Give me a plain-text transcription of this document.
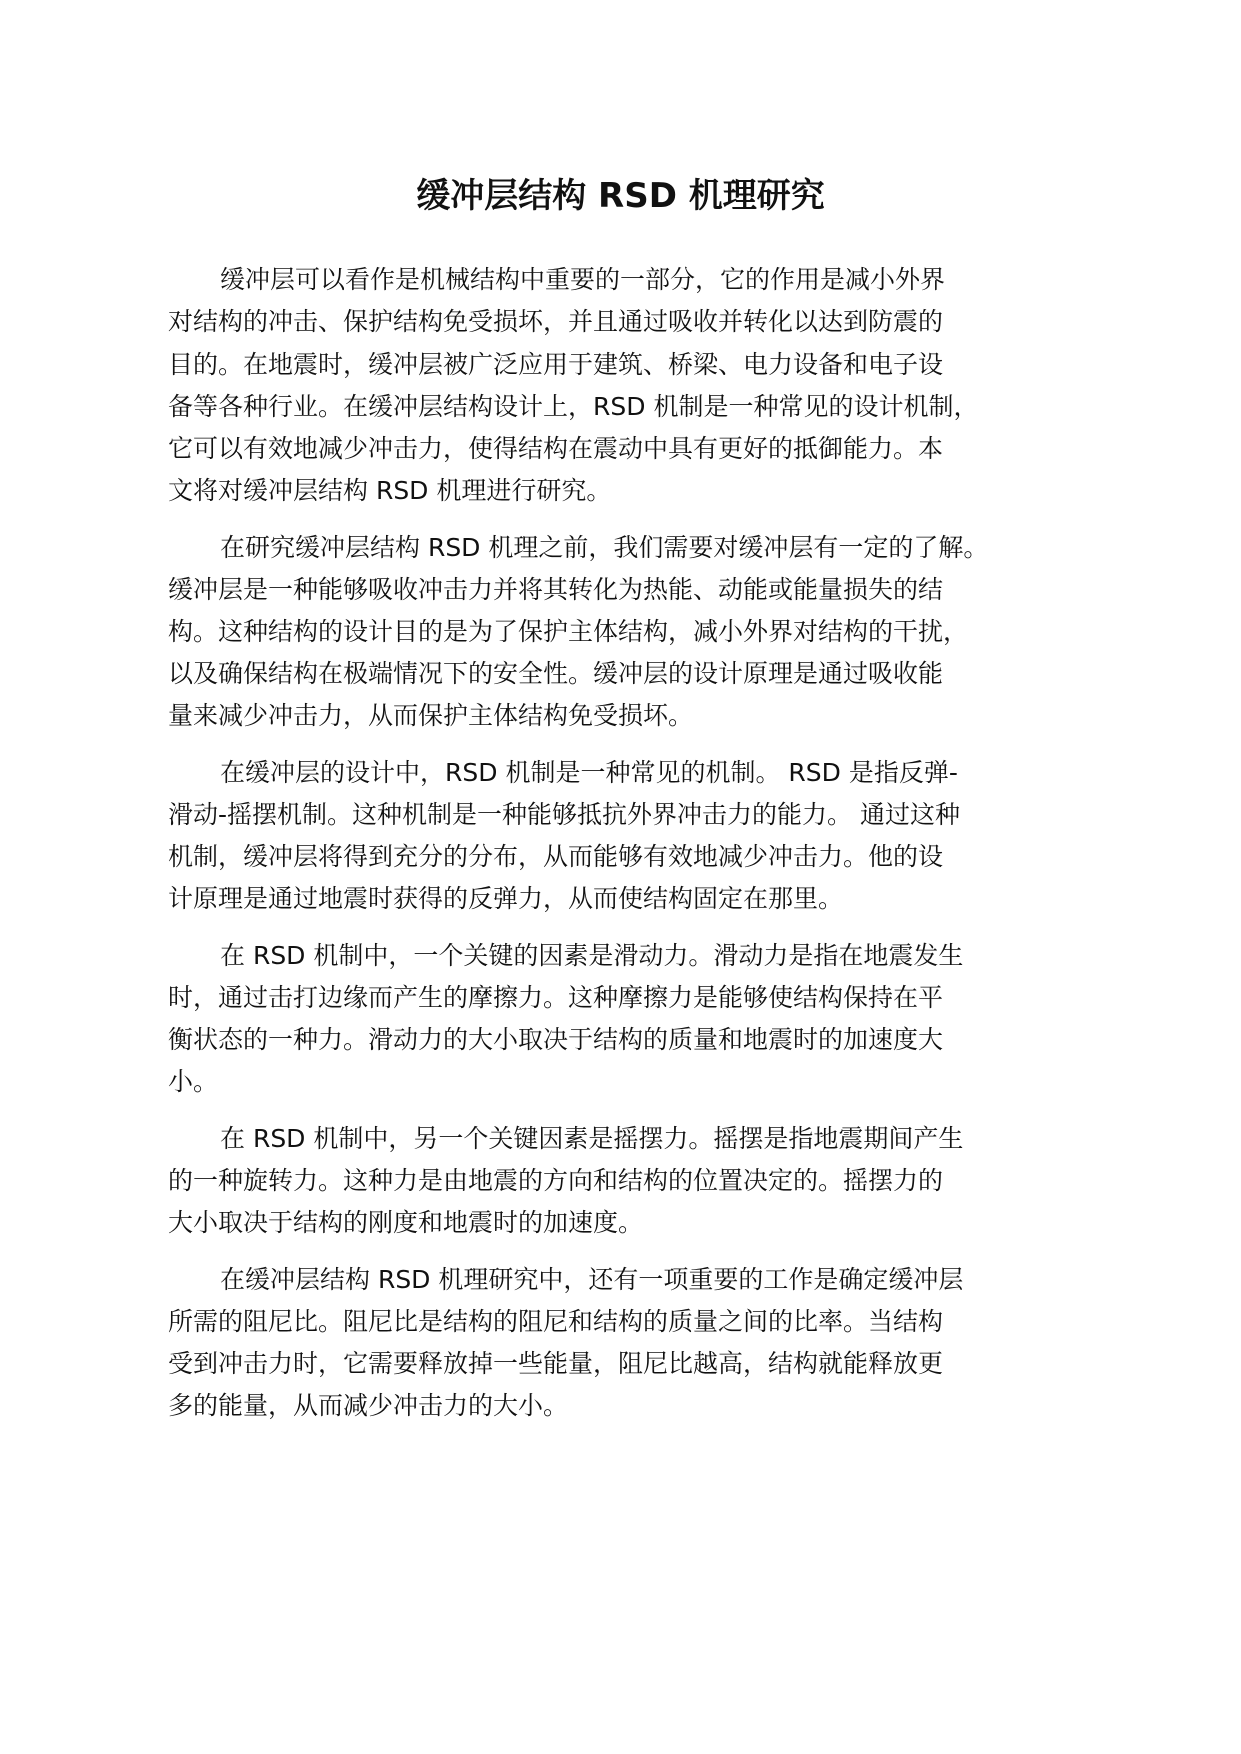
缓冲层结构 RSD 机理研究
缓冲层可以看作是机械结构中重要的一部分，它的作用是减小外界
对结构的冲击、保护结构免受损坏，并且通过吸收并转化以达到防震的
目的。在地震时，缓冲层被广泛应用于建筑、桥梁、电力设备和电子设
备等各种行业。在缓冲层结构设计上，RSD 机制是一种常见的设计机制，
它可以有效地减少冲击力，使得结构在震动中具有更好的抵御能力。本
文将对缓冲层结构 RSD 机理进行研究。
在研究缓冲层结构 RSD 机理之前，我们需要对缓冲层有一定的了解。
缓冲层是一种能够吸收冲击力并将其转化为热能、动能或能量损失的结
构。这种结构的设计目的是为了保护主体结构，减小外界对结构的干扰，
以及确保结构在极端情况下的安全性。缓冲层的设计原理是通过吸收能
量来减少冲击力，从而保护主体结构免受损坏。
在缓冲层的设计中，RSD 机制是一种常见的机制。 RSD 是指反弹-
滑动-摇摆机制。这种机制是一种能够抵抗外界冲击力的能力。 通过这种
机制，缓冲层将得到充分的分布，从而能够有效地减少冲击力。他的设
计原理是通过地震时获得的反弹力，从而使结构固定在那里。
在 RSD 机制中，一个关键的因素是滑动力。滑动力是指在地震发生
时，通过击打边缘而产生的摩擦力。这种摩擦力是能够使结构保持在平
衡状态的一种力。滑动力的大小取决于结构的质量和地震时的加速度大
小。
在 RSD 机制中，另一个关键因素是摇摆力。摇摆是指地震期间产生
的一种旋转力。这种力是由地震的方向和结构的位置决定的。摇摆力的
大小取决于结构的刚度和地震时的加速度。
在缓冲层结构 RSD 机理研究中，还有一项重要的工作是确定缓冲层
所需的阻尼比。阻尼比是结构的阻尼和结构的质量之间的比率。当结构
受到冲击力时，它需要释放掉一些能量，阻尼比越高，结构就能释放更
多的能量，从而减少冲击力的大小。
